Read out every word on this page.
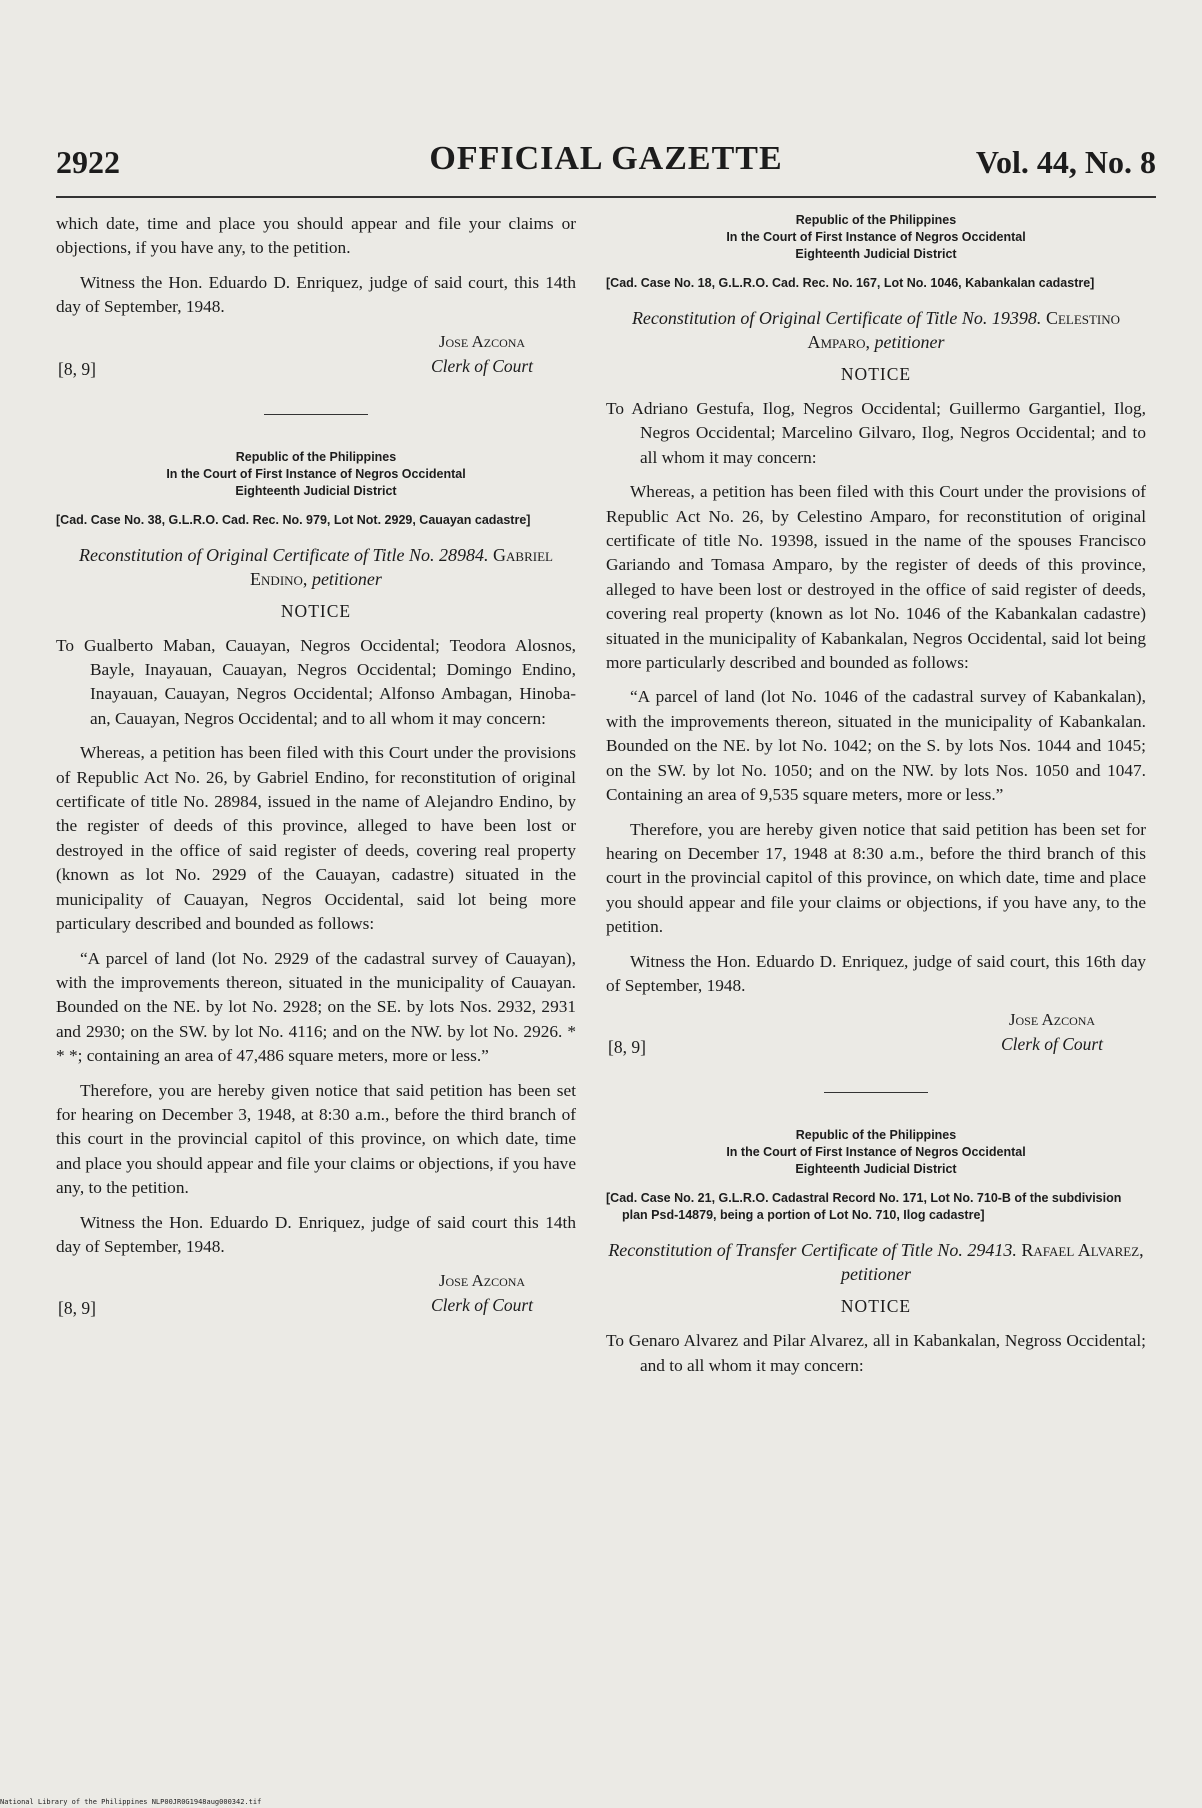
2922	OFFICIAL GAZETTE	Vol. 44, No. 8

which date, time and place you should appear and file your claims or objections, if you have any, to the petition.

Witness the Hon. Eduardo D. Enriquez, judge of said court, this 14th day of September, 1948.

[8, 9]
Jose Azcona
Clerk of Court

Republic of the Philippines

In the Court of First Instance of Negros Occidental

Eighteenth Judicial District

[Cad. Case No. 38, G.L.R.O. Cad. Rec. No. 979, Lot Not. 2929, Cauayan cadastre]

Reconstitution of Original Certificate of Title No. 28984. Gabriel Endino, petitioner

NOTICE

To Gualberto Maban, Cauayan, Negros Occidental; Teodora Alosnos, Bayle, Inayauan, Cauayan, Negros Occidental; Domingo Endino, Inayauan, Cauayan, Negros Occidental; Alfonso Ambagan, Hinoba-an, Cauayan, Negros Occidental; and to all whom it may concern:

Whereas, a petition has been filed with this Court under the provisions of Republic Act No. 26, by Gabriel Endino, for reconstitution of original certificate of title No. 28984, issued in the name of Alejandro Endino, by the register of deeds of this province, alleged to have been lost or destroyed in the office of said register of deeds, covering real property (known as lot No. 2929 of the Cauayan, cadastre) situated in the municipality of Cauayan, Negros Occidental, said lot being more particulary described and bounded as follows:

“A parcel of land (lot No. 2929 of the cadastral survey of Cauayan), with the improvements thereon, situated in the municipality of Cauayan. Bounded on the NE. by lot No. 2928; on the SE. by lots Nos. 2932, 2931 and 2930; on the SW. by lot No. 4116; and on the NW. by lot No. 2926. * * *; containing an area of 47,486 square meters, more or less.”

Therefore, you are hereby given notice that said petition has been set for hearing on December 3, 1948, at 8:30 a.m., before the third branch of this court in the provincial capitol of this province, on which date, time and place you should appear and file your claims or objections, if you have any, to the petition.

Witness the Hon. Eduardo D. Enriquez, judge of said court this 14th day of September, 1948.

[8, 9]
Jose Azcona
Clerk of Court

Republic of the Philippines

In the Court of First Instance of Negros Occidental

Eighteenth Judicial District

[Cad. Case No. 18, G.L.R.O. Cad. Rec. No. 167, Lot No. 1046, Kabankalan cadastre]

Reconstitution of Original Certificate of Title No. 19398. Celestino Amparo, petitioner

NOTICE

To Adriano Gestufa, Ilog, Negros Occidental; Guillermo Gargantiel, Ilog, Negros Occidental; Marcelino Gilvaro, Ilog, Negros Occidental; and to all whom it may concern:

Whereas, a petition has been filed with this Court under the provisions of Republic Act No. 26, by Celestino Amparo, for reconstitution of original certificate of title No. 19398, issued in the name of the spouses Francisco Gariando and Tomasa Amparo, by the register of deeds of this province, alleged to have been lost or destroyed in the office of said register of deeds, covering real property (known as lot No. 1046 of the Kabankalan cadastre) situated in the municipality of Kabankalan, Negros Occidental, said lot being more particularly described and bounded as follows:

“A parcel of land (lot No. 1046 of the cadastral survey of Kabankalan), with the improvements thereon, situated in the municipality of Kabankalan. Bounded on the NE. by lot No. 1042; on the S. by lots Nos. 1044 and 1045; on the SW. by lot No. 1050; and on the NW. by lots Nos. 1050 and 1047. Containing an area of 9,535 square meters, more or less.”

Therefore, you are hereby given notice that said petition has been set for hearing on December 17, 1948 at 8:30 a.m., before the third branch of this court in the provincial capitol of this province, on which date, time and place you should appear and file your claims or objections, if you have any, to the petition.

Witness the Hon. Eduardo D. Enriquez, judge of said court, this 16th day of September, 1948.

[8, 9]
Jose Azcona
Clerk of Court

Republic of the Philippines

In the Court of First Instance of Negros Occidental

Eighteenth Judicial District

[Cad. Case No. 21, G.L.R.O. Cadastral Record No. 171, Lot No. 710-B of the subdivision plan Psd-14879, being a portion of Lot No. 710, Ilog cadastre]

Reconstitution of Transfer Certificate of Title No. 29413. Rafael Alvarez, petitioner

NOTICE

To Genaro Alvarez and Pilar Alvarez, all in Kabankalan, Negross Occidental; and to all whom it may concern:

National Library of the Philippines NLP00JR0G1948aug000342.tif
